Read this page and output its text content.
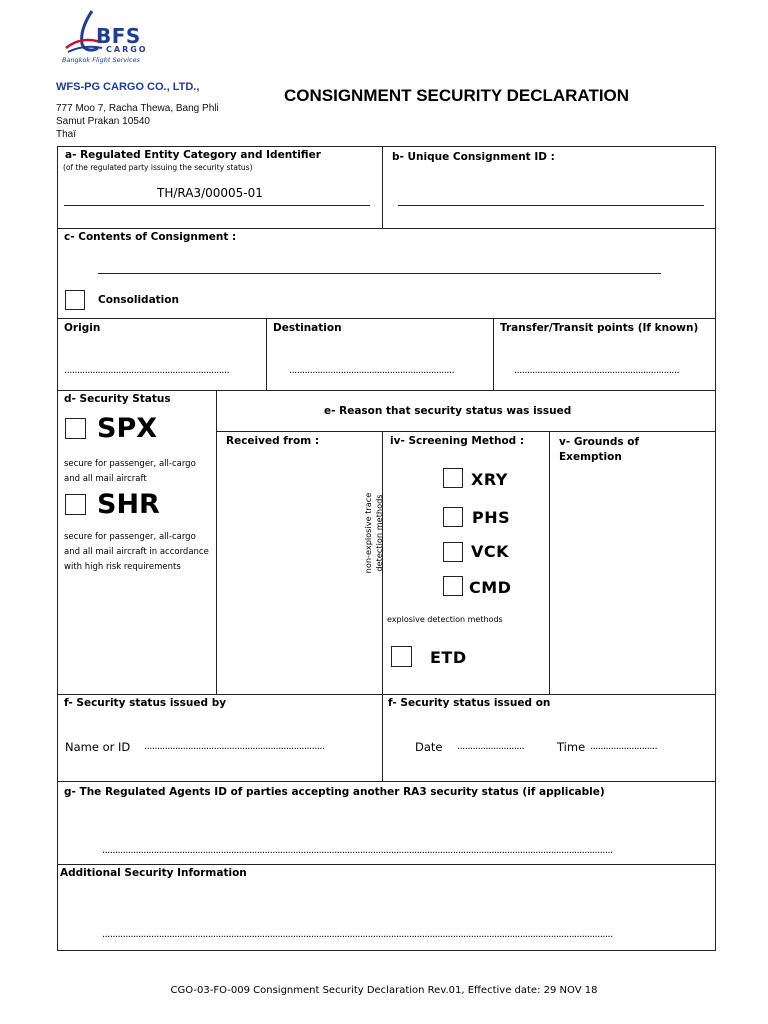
BFS
CARGO
Bangkok Flight Services
WFS-PG CARGO CO., LTD.,
777 Moo 7, Racha Thewa, Bang Phli
Samut Prakan 10540
Thaï
CONSIGNMENT SECURITY DECLARATION
a- Regulated Entity Category and Identifier
(of the regulated party issuing the security status)
TH/RA3/00005-01
b- Unique Consignment ID :
c- Contents of Consignment :
Consolidation
Origin	Destination	Transfer/Transit points (If known)
................................................................	................................................................	................................................................
d- Security Status
SPX
secure for passenger, all-cargo and all mail aircraft
SHR
secure for passenger, all-cargo and all mail aircraft in accordance with high risk requirements
e- Reason that security status was issued
Received from :	iv- Screening Method :	v- Grounds of Exemption
non-explosive trace detection methods
XRY
PHS
VCK
CMD
explosive detection methods
ETD
f- Security status issued by	f- Security status issued on
Name or ID ......................................................................	Date ..........................	Time ..........................
g- The Regulated Agents ID of parties accepting another RA3 security status (if applicable)
......................................................................................................................................................................................................
Additional Security Information
......................................................................................................................................................................................................
CGO-03-FO-009 Consignment Security Declaration Rev.01, Effective date: 29 NOV 18
